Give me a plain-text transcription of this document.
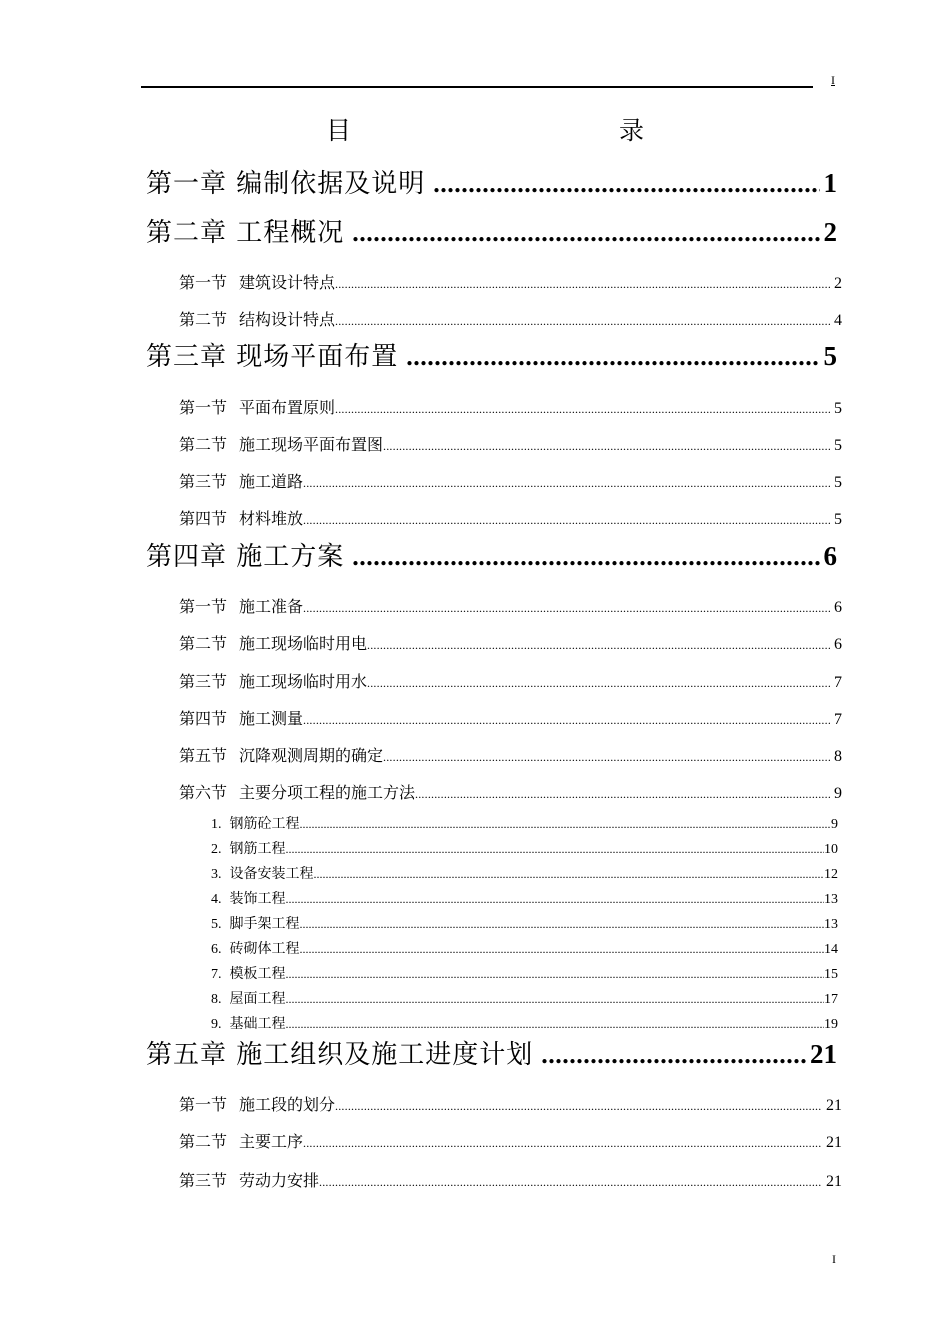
I
目 录
第一章 编制依据及说明 .....	1
第二章 工程概况 .....	2
第一节 建筑设计特点 .....	2
第二节 结构设计特点 .....	4
第三章 现场平面布置 .....	5
第一节 平面布置原则 .....	5
第二节 施工现场平面布置图 .....	5
第三节 施工道路 .....	5
第四节 材料堆放 .....	5
第四章 施工方案 .....	6
第一节 施工准备 .....	6
第二节 施工现场临时用电 .....	6
第三节 施工现场临时用水 .....	7
第四节 施工测量 .....	7
第五节 沉降观测周期的确定 .....	8
第六节 主要分项工程的施工方法 .....	9
1. 钢筋砼工程 .....	9
2. 钢筋工程 .....	10
3. 设备安装工程 .....	12
4. 装饰工程 .....	13
5. 脚手架工程 .....	13
6. 砖砌体工程 .....	14
7. 模板工程 .....	15
8. 屋面工程 .....	17
9. 基础工程 .....	19
第五章 施工组织及施工进度计划 .....	21
第一节 施工段的划分 .....	21
第二节 主要工序 .....	21
第三节 劳动力安排 .....	21
I
